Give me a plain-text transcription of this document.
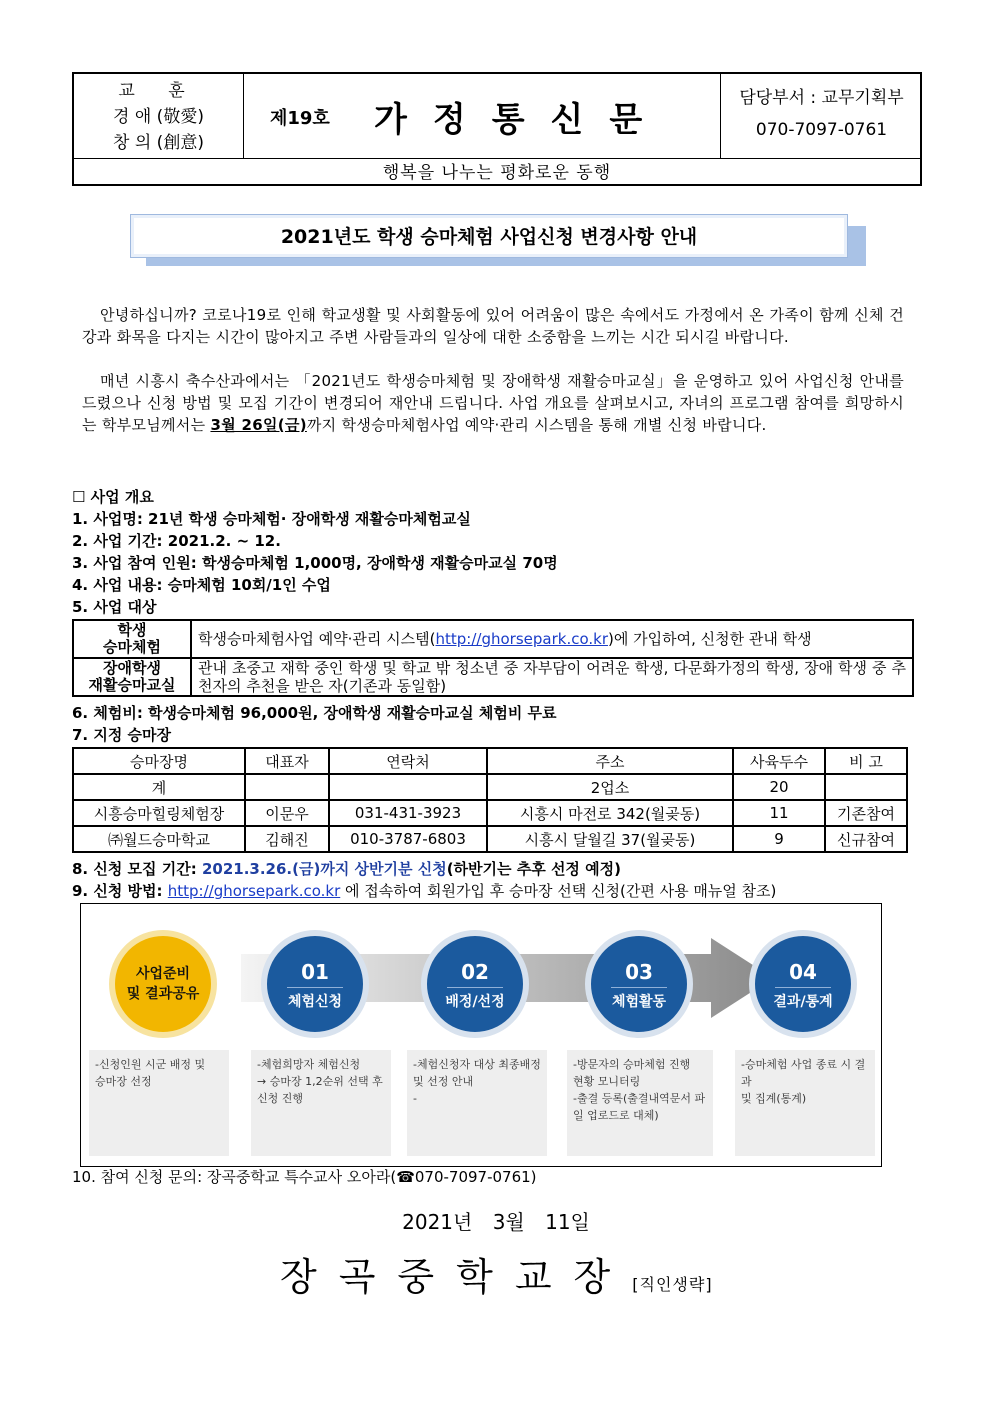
교 훈
경 애 (敬愛)
창 의 (創意)
제19호 가정통신문
담당부서 : 교무기획부
070-7097-0761
행복을 나누는 평화로운 동행
2021년도 학생 승마체험 사업신청 변경사항 안내
안녕하십니까? 코로나19로 인해 학교생활 및 사회활동에 있어 어려움이 많은 속에서도 가정에서 온 가족이 함께 신체 건강과 화목을 다지는 시간이 많아지고 주변 사람들과의 일상에 대한 소중함을 느끼는 시간 되시길 바랍니다.
매년 시흥시 축수산과에서는 「2021년도 학생승마체험 및 장애학생 재활승마교실」을 운영하고 있어 사업신청 안내를 드렸으나 신청 방법 및 모집 기간이 변경되어 재안내 드립니다. 사업 개요를 살펴보시고, 자녀의 프로그램 참여를 희망하시는 학부모님께서는 3월 26일(금)까지 학생승마체험사업 예약·관리 시스템을 통해 개별 신청 바랍니다.
☐ 사업 개요
1. 사업명: 21년 학생 승마체험· 장애학생 재활승마체험교실
2. 사업 기간: 2021.2. ~ 12.
3. 사업 참여 인원: 학생승마체험 1,000명, 장애학생 재활승마교실 70명
4. 사업 내용: 승마체험 10회/1인 수업
5. 사업 대상
학생
승마체험	학생승마체험사업 예약·관리 시스템(http://ghorsepark.co.kr)에 가입하여, 신청한 관내 학생
장애학생
재활승마교실	관내 초중고 재학 중인 학생 및 학교 밖 청소년 중 자부담이 어려운 학생, 다문화가정의 학생, 장애 학생 중 추천자의 추천을 받은 자(기존과 동일함)
6. 체험비: 학생승마체험 96,000원, 장애학생 재활승마교실 체험비 무료
7. 지정 승마장
승마장명	대표자	연락처	주소	사육두수	비 고
계			2업소	20	
시흥승마힐링체험장	이문우	031-431-3923	시흥시 마전로 342(월곶동)	11	기존참여
㈜월드승마학교	김해진	010-3787-6803	시흥시 달월길 37(월곶동)	9	신규참여
8. 신청 모집 기간: 2021.3.26.(금)까지 상반기분 신청(하반기는 추후 선정 예정)
9. 신청 방법: http://ghorsepark.co.kr 에 접속하여 회원가입 후 승마장 선택 신청(간편 사용 매뉴얼 참조)
사업준비
및 결과공유
01
체험신청
02
배정/선정
03
체험활동
04
결과/통계
-신청인원 시군 배정 및
승마장 선정
-체험희망자 체험신청
→ 승마장 1,2순위 선택 후
신청 진행
-체험신청자 대상 최종배정
및 선정 안내
-
-방문자의 승마체험 진행
현황 모니터링
-출결 등록(출결내역문서 파
일 업로드로 대체)
-승마체험 사업 종료 시 결과
및 집계(통계)
10. 참여 신청 문의: 장곡중학교 특수교사 오아라(☎070-7097-0761)
2021년 3월 11일
장곡중학교장[직인생략]
